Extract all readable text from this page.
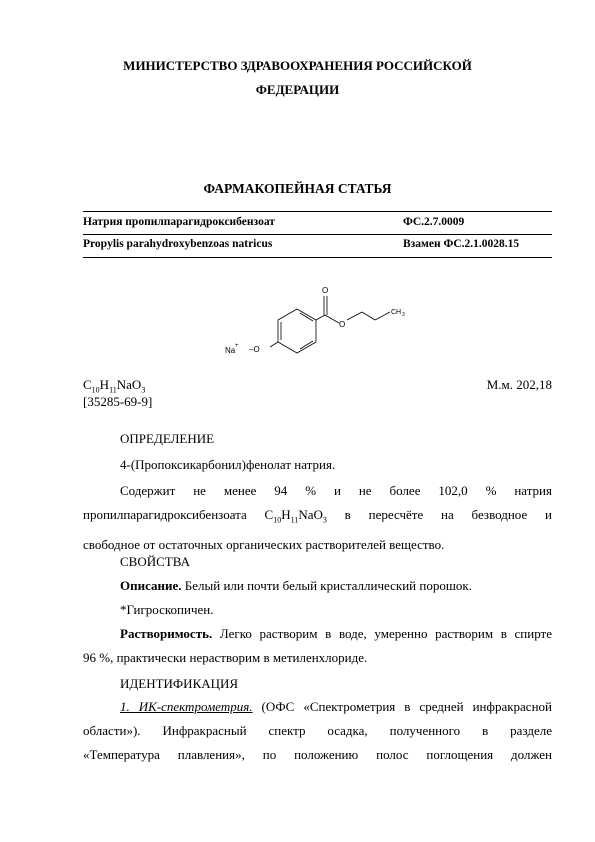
МИНИСТЕРСТВО ЗДРАВООХРАНЕНИЯ РОССИЙСКОЙ
ФЕДЕРАЦИИ
ФАРМАКОПЕЙНАЯ СТАТЬЯ
Натрия пропилпарагидроксибензоат	ФС.2.7.0009
Propylis parahydroxybenzoas natricus	Взамен ФС.2.1.0028.15
O
O
CH 3
Na + –O
$C_{10}H_{11}NaO_3$	М.м. 202,18
[35285-69-9]
ОПРЕДЕЛЕНИЕ
4-(Пропоксикарбонил)фенолат натрия.
Содержит не менее 94 % и не более 102,0 % натрия
пропилпарагидроксибензоата $C_{10}H_{11}NaO_3$ в пересчёте на безводное и
свободное от остаточных органических растворителей вещество.
СВОЙСТВА
Описание. Белый или почти белый кристаллический порошок.
*Гигроскопичен.
Растворимость. Легко растворим в воде, умеренно растворим в спирте
96 %, практически нерастворим в метиленхлориде.
ИДЕНТИФИКАЦИЯ
1. ИК-спектрометрия. (ОФС «Спектрометрия в средней инфракрасной
области»). Инфракрасный спектр осадка, полученного в разделе
«Температура плавления», по положению полос поглощения должен
